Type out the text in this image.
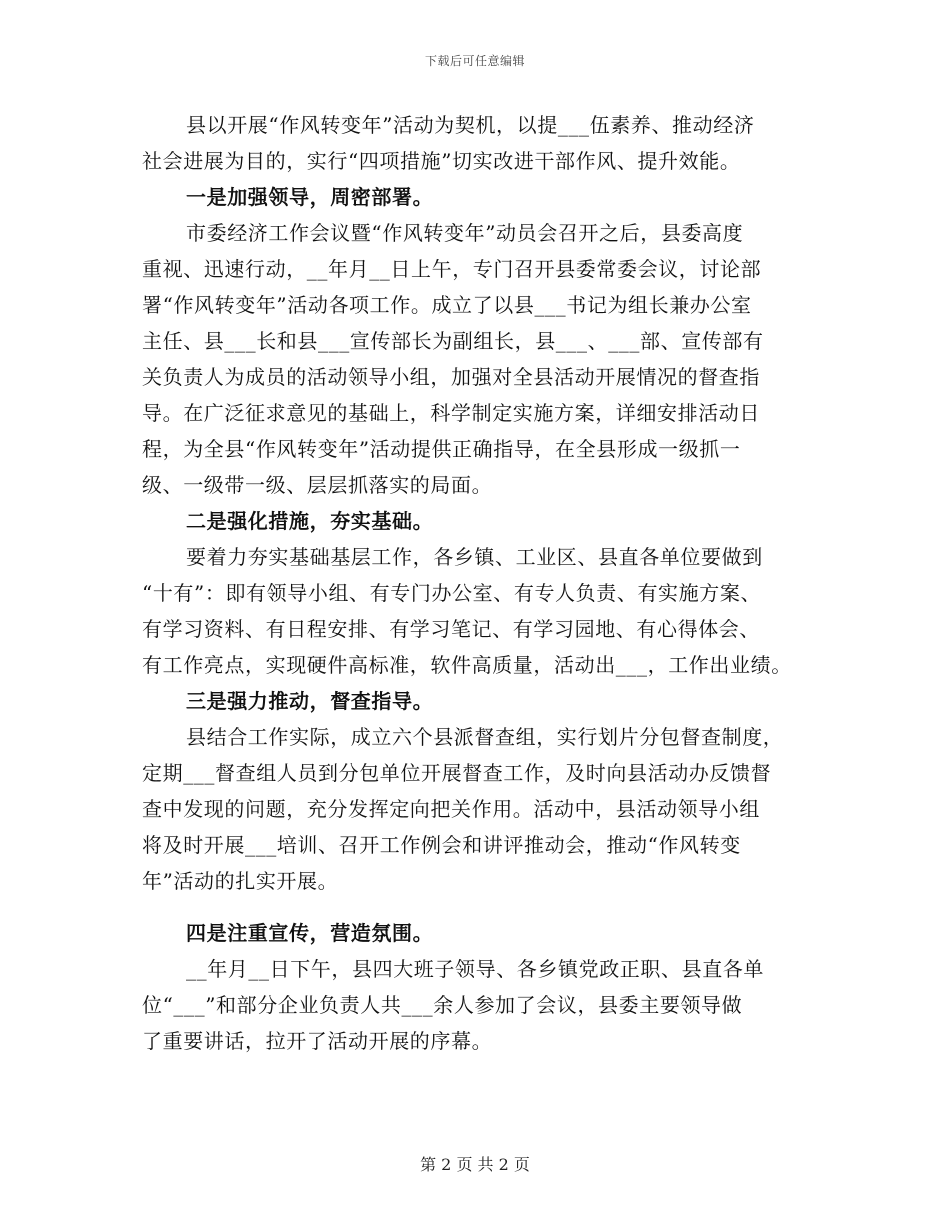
下载后可任意编辑
县以开展“作风转变年”活动为契机，以提___伍素养、推动经济
社会进展为目的，实行“四项措施”切实改进干部作风、提升效能。
一是加强领导，周密部署。
市委经济工作会议暨“作风转变年”动员会召开之后，县委高度
重视、迅速行动，__年月__日上午，专门召开县委常委会议，讨论部
署“作风转变年”活动各项工作。成立了以县___书记为组长兼办公室
主任、县___长和县___宣传部长为副组长，县___、___部、宣传部有
关负责人为成员的活动领导小组，加强对全县活动开展情况的督查指
导。在广泛征求意见的基础上，科学制定实施方案，详细安排活动日
程，为全县“作风转变年”活动提供正确指导，在全县形成一级抓一
级、一级带一级、层层抓落实的局面。
二是强化措施，夯实基础。
要着力夯实基础基层工作，各乡镇、工业区、县直各单位要做到
“十有”：即有领导小组、有专门办公室、有专人负责、有实施方案、
有学习资料、有日程安排、有学习笔记、有学习园地、有心得体会、
有工作亮点，实现硬件高标准，软件高质量，活动出___，工作出业绩。
三是强力推动，督查指导。
县结合工作实际，成立六个县派督查组，实行划片分包督查制度，
定期___督查组人员到分包单位开展督查工作，及时向县活动办反馈督
查中发现的问题，充分发挥定向把关作用。活动中，县活动领导小组
将及时开展___培训、召开工作例会和讲评推动会，推动“作风转变
年”活动的扎实开展。
四是注重宣传，营造氛围。
__年月__日下午，县四大班子领导、各乡镇党政正职、县直各单
位“___”和部分企业负责人共___余人参加了会议，县委主要领导做
了重要讲话，拉开了活动开展的序幕。
第 2 页 共 2 页
